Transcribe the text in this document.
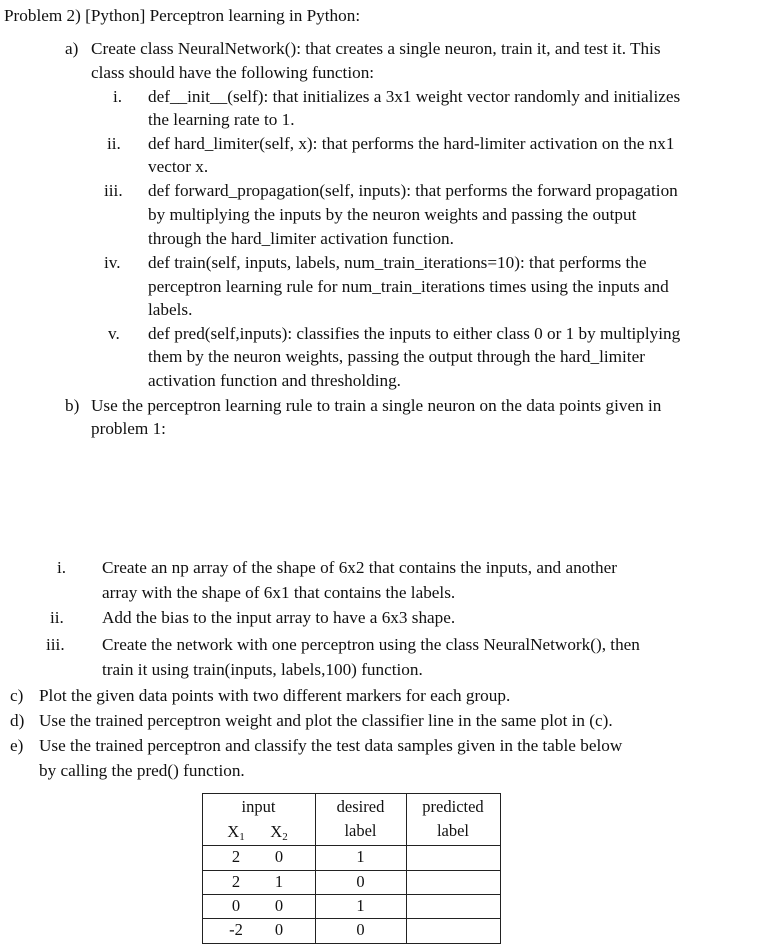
Problem 2) [Python] Perceptron learning in Python:
a) Create class NeuralNetwork(): that creates a single neuron, train it, and test it. This
class should have the following function:
i. def__init__(self): that initializes a 3x1 weight vector randomly and initializes
the learning rate to 1.
ii. def hard_limiter(self, x): that performs the hard-limiter activation on the nx1
vector x.
iii. def forward_propagation(self, inputs): that performs the forward propagation
by multiplying the inputs by the neuron weights and passing the output
through the hard_limiter activation function.
iv. def train(self, inputs, labels, num_train_iterations=10): that performs the
perceptron learning rule for num_train_iterations times using the inputs and
labels.
v. def pred(self,inputs): classifies the inputs to either class 0 or 1 by multiplying
them by the neuron weights, passing the output through the hard_limiter
activation function and thresholding.
b) Use the perceptron learning rule to train a single neuron on the data points given in
problem 1:
i. Create an np array of the shape of 6x2 that contains the inputs, and another
array with the shape of 6x1 that contains the labels.
ii. Add the bias to the input array to have a 6x3 shape.
iii. Create the network with one perceptron using the class NeuralNetwork(), then
train it using train(inputs, labels,100) function.
c) Plot the given data points with two different markers for each group.
d) Use the trained perceptron weight and plot the classifier line in the same plot in (c).
e) Use the trained perceptron and classify the test data samples given in the table below
by calling the pred() function.
input
X1	X2
desired
label
predicted
label
2	0	1
2	1	0
0	0	1
-2	0	0
